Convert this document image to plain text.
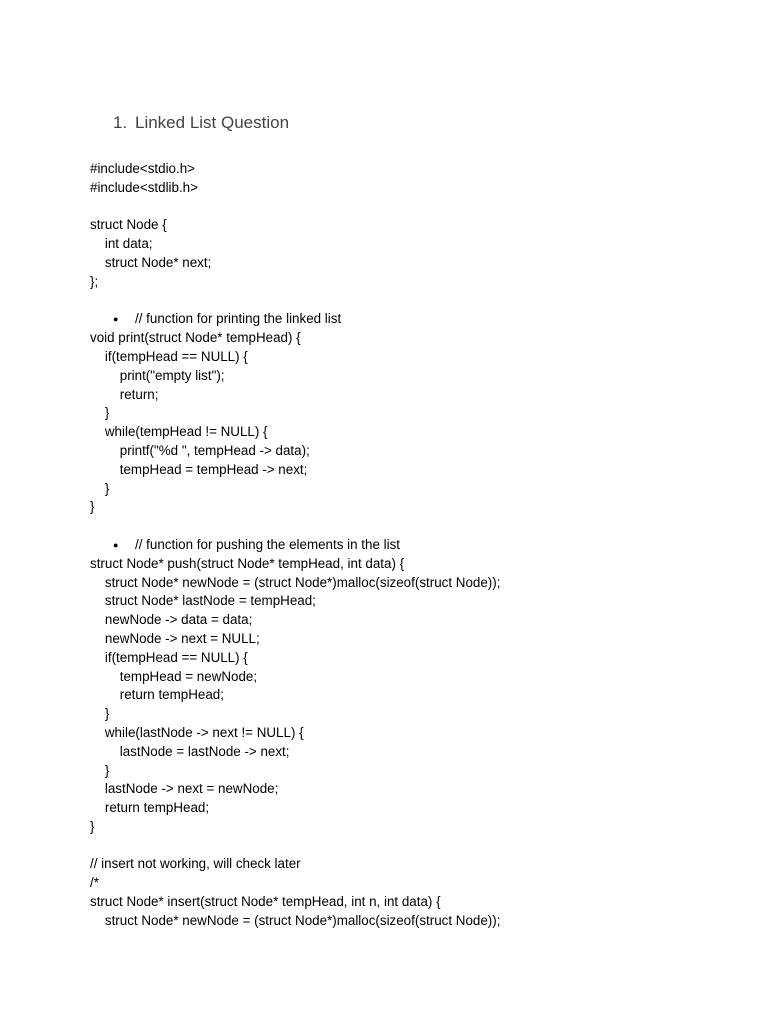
1. Linked List Question
#include<stdio.h>
#include<stdlib.h>
struct Node {
int data;
struct Node* next;
};
● // function for printing the linked list
void print(struct Node* tempHead) {
if(tempHead == NULL) {
print("empty list");
return;
}
while(tempHead != NULL) {
printf("%d ", tempHead -> data);
tempHead = tempHead -> next;
}
}
● // function for pushing the elements in the list
struct Node* push(struct Node* tempHead, int data) {
struct Node* newNode = (struct Node*)malloc(sizeof(struct Node));
struct Node* lastNode = tempHead;
newNode -> data = data;
newNode -> next = NULL;
if(tempHead == NULL) {
tempHead = newNode;
return tempHead;
}
while(lastNode -> next != NULL) {
lastNode = lastNode -> next;
}
lastNode -> next = newNode;
return tempHead;
}
// insert not working, will check later
/*
struct Node* insert(struct Node* tempHead, int n, int data) {
struct Node* newNode = (struct Node*)malloc(sizeof(struct Node));
